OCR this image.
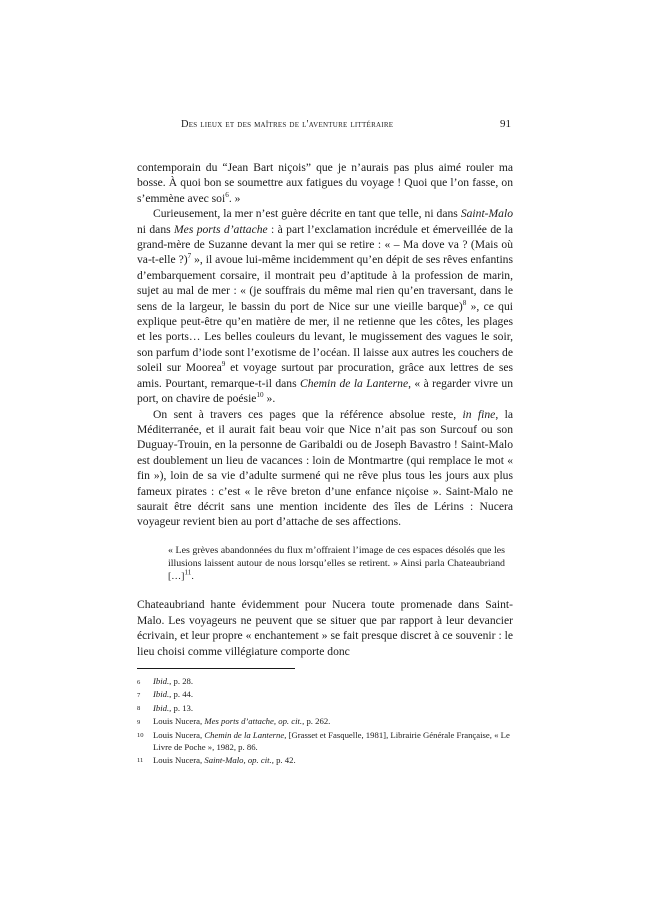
Des lieux et des maîtres de l'aventure littéraire	91

contemporain du “Jean Bart niçois” que je n’aurais pas plus aimé rouler ma bosse. À quoi bon se soumettre aux fatigues du voyage ! Quoi que l’on fasse, on s’emmène avec soi$^6$. »

Curieusement, la mer n’est guère décrite en tant que telle, ni dans Saint-Malo ni dans Mes ports d’attache : à part l’exclamation incrédule et émerveillée de la grand-mère de Suzanne devant la mer qui se retire : « – Ma dove va ? (Mais où va-t-elle ?)$^7$ », il avoue lui-même incidemment qu’en dépit de ses rêves enfantins d’embarquement corsaire, il montrait peu d’aptitude à la profession de marin, sujet au mal de mer : « (je souffrais du même mal rien qu’en traversant, dans le sens de la largeur, le bassin du port de Nice sur une vieille barque)$^8$ », ce qui explique peut-être qu’en matière de mer, il ne retienne que les côtes, les plages et les ports… Les belles couleurs du levant, le mugissement des vagues le soir, son parfum d’iode sont l’exotisme de l’océan. Il laisse aux autres les couchers de soleil sur Moorea$^9$ et voyage surtout par procuration, grâce aux lettres de ses amis. Pourtant, remarque-t-il dans Chemin de la Lanterne, « à regarder vivre un port, on chavire de poésie$^{10}$ ».

On sent à travers ces pages que la référence absolue reste, in fine, la Méditerranée, et il aurait fait beau voir que Nice n’ait pas son Surcouf ou son Duguay-Trouin, en la personne de Garibaldi ou de Joseph Bavastro ! Saint-Malo est doublement un lieu de vacances : loin de Montmartre (qui remplace le mot « fin »), loin de sa vie d’adulte surmené qui ne rêve plus tous les jours aux plus fameux pirates : c’est « le rêve breton d’une enfance niçoise ». Saint-Malo ne saurait être décrit sans une mention incidente des îles de Lérins : Nucera voyageur revient bien au port d’attache de ses affections.

« Les grèves abandonnées du flux m’offraient l’image de ces espaces désolés que les illusions laissent autour de nous lorsqu’elles se retirent. » Ainsi parla Chateaubriand […]$^{11}$.

Chateaubriand hante évidemment pour Nucera toute promenade dans Saint-Malo. Les voyageurs ne peuvent que se situer que par rapport à leur devancier écrivain, et leur propre « enchantement » se fait presque discret à ce souvenir : le lieu choisi comme villégiature comporte donc

6	Ibid., p. 28.
7	Ibid., p. 44.
8	Ibid., p. 13.
9	Louis Nucera, Mes ports d’attache, op. cit., p. 262.
10	Louis Nucera, Chemin de la Lanterne, [Grasset et Fasquelle, 1981], Librairie Générale Française, « Le Livre de Poche », 1982, p. 86.
11	Louis Nucera, Saint-Malo, op. cit., p. 42.
